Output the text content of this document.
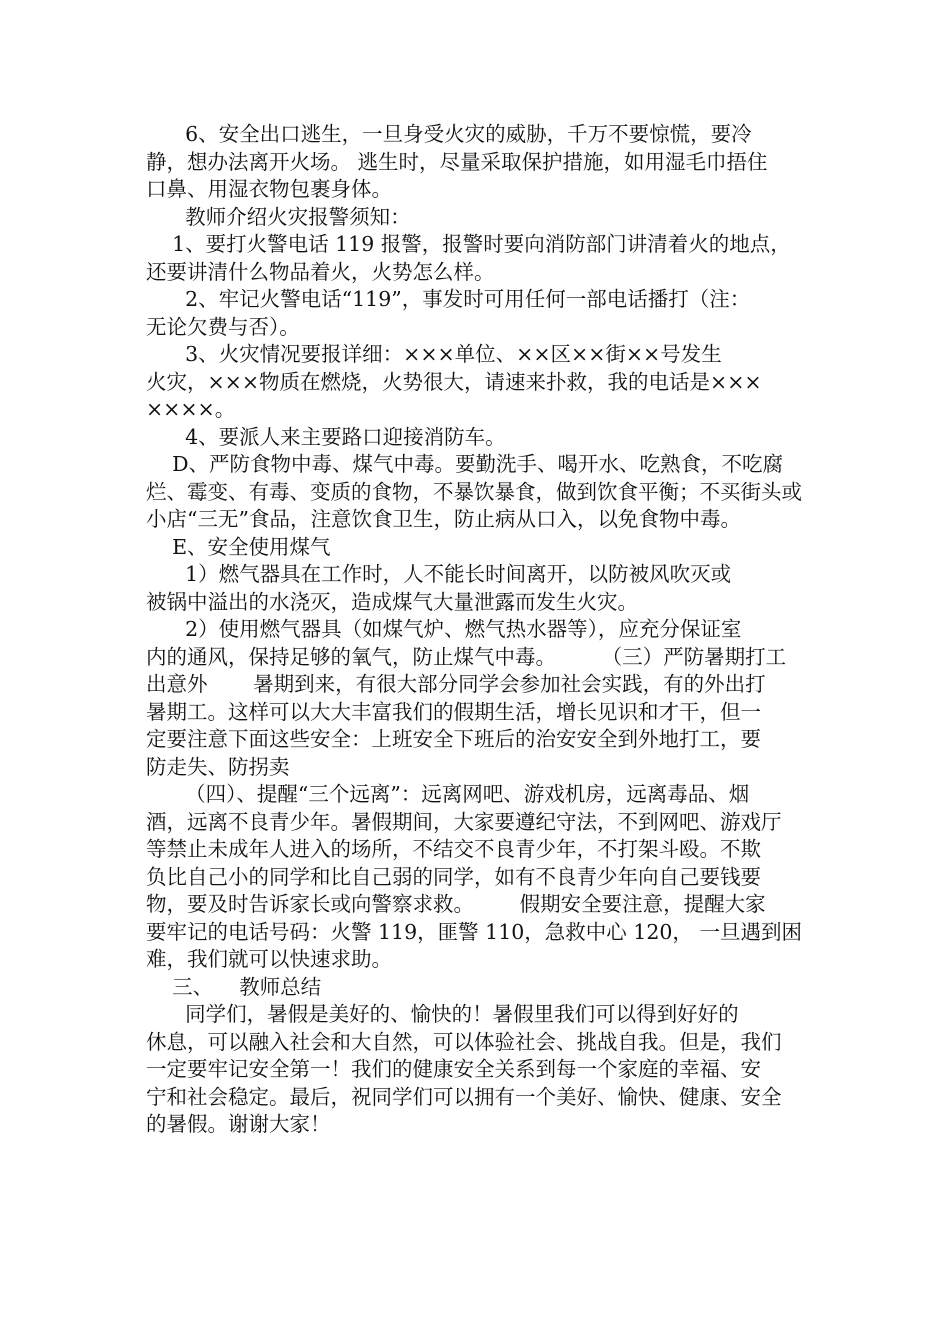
6、安全出口逃生，一旦身受火灾的威胁，千万不要惊慌，要冷
静，想办法离开火场。 逃生时，尽量采取保护措施，如用湿毛巾捂住
口鼻、用湿衣物包裹身体。
教师介绍火灾报警须知：
1、要打火警电话 119 报警，报警时要向消防部门讲清着火的地点，
还要讲清什么物品着火，火势怎么样。
2、牢记火警电话“119”，事发时可用任何一部电话播打（注：
无论欠费与否）。
3、火灾情况要报详细：×××单位、××区××街××号发生
火灾，×××物质在燃烧，火势很大，请速来扑救，我的电话是×××
××××。
4、要派人来主要路口迎接消防车。
D、严防食物中毒、煤气中毒。要勤洗手、喝开水、吃熟食，不吃腐
烂、霉变、有毒、变质的食物，不暴饮暴食，做到饮食平衡；不买街头或
小店“三无”食品，注意饮食卫生，防止病从口入，以免食物中毒。
E、安全使用煤气
1）燃气器具在工作时，人不能长时间离开，以防被风吹灭或
被锅中溢出的水浇灭，造成煤气大量泄露而发生火灾。
2）使用燃气器具（如煤气炉、燃气热水器等），应充分保证室
内的通风，保持足够的氧气，防止煤气中毒。       （三）严防暑期打工
出意外       暑期到来，有很大部分同学会参加社会实践，有的外出打
暑期工。这样可以大大丰富我们的假期生活，增长见识和才干，但一
定要注意下面这些安全：上班安全下班后的治安安全到外地打工，要
防走失、防拐卖
（四）、提醒“三个远离”：远离网吧、游戏机房，远离毒品、烟
酒，远离不良青少年。暑假期间，大家要遵纪守法，不到网吧、游戏厅
等禁止未成年人进入的场所，不结交不良青少年，不打架斗殴。不欺
负比自己小的同学和比自己弱的同学，如有不良青少年向自己要钱要
物，要及时告诉家长或向警察求救。       假期安全要注意，提醒大家
要牢记的电话号码：火警 119，匪警 110，急救中心 120， 一旦遇到困
难，我们就可以快速求助。
三、    教师总结
同学们，暑假是美好的、愉快的！暑假里我们可以得到好好的
休息，可以融入社会和大自然，可以体验社会、挑战自我。但是，我们
一定要牢记安全第一！我们的健康安全关系到每一个家庭的幸福、安
宁和社会稳定。最后，祝同学们可以拥有一个美好、愉快、健康、安全
的暑假。谢谢大家！
